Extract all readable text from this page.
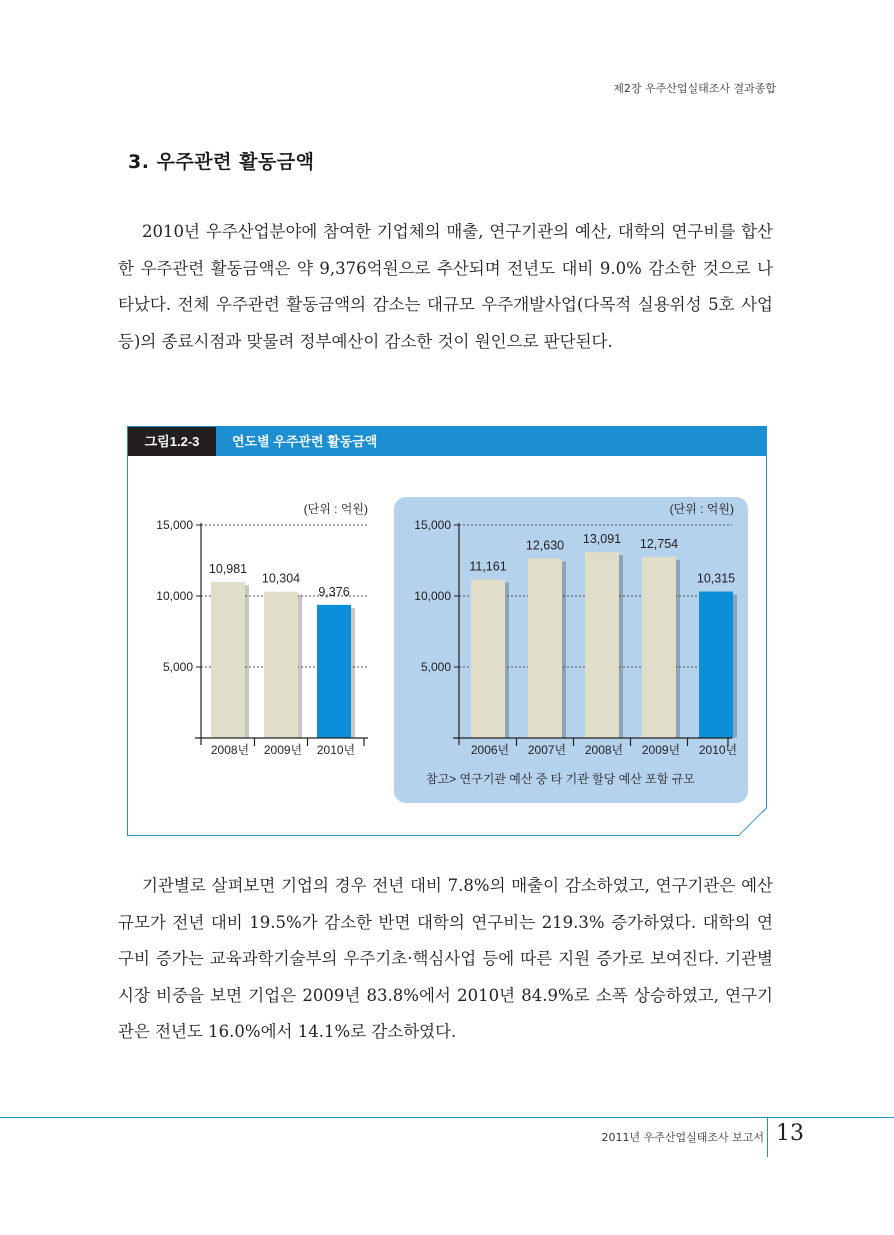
제2장 우주산업실태조사 결과종합
3. 우주관련 활동금액
2010년 우주산업분야에 참여한 기업체의 매출, 연구기관의 예산, 대학의 연구비를 합산한 우주관련 활동금액은 약 9,376억원으로 추산되며 전년도 대비 9.0% 감소한 것으로 나타났다. 전체 우주관련 활동금액의 감소는 대규모 우주개발사업(다목적 실용위성 5호 사업 등)의 종료시점과 맞물려 정부예산이 감소한 것이 원인으로 판단된다.
그림1.2-3	연도별 우주관련 활동금액
5,000
10,000
15,000
(단위 : 억원)
10,981
2008년
10,304
2009년
9,376
2010년
5,000
10,000
15,000
(단위 : 억원)
11,161
2006년
12,630
2007년
13,091
2008년
12,754
2009년
10,315
2010년
참고> 연구기관 예산 중 타 기관 할당 예산 포함 규모
기관별로 살펴보면 기업의 경우 전년 대비 7.8%의 매출이 감소하였고, 연구기관은 예산규모가 전년 대비 19.5%가 감소한 반면 대학의 연구비는 219.3% 증가하였다. 대학의 연구비 증가는 교육과학기술부의 우주기초·핵심사업 등에 따른 지원 증가로 보여진다. 기관별 시장 비중을 보면 기업은 2009년 83.8%에서 2010년 84.9%로 소폭 상승하였고, 연구기관은 전년도 16.0%에서 14.1%로 감소하였다.
2011년 우주산업실태조사 보고서 13
